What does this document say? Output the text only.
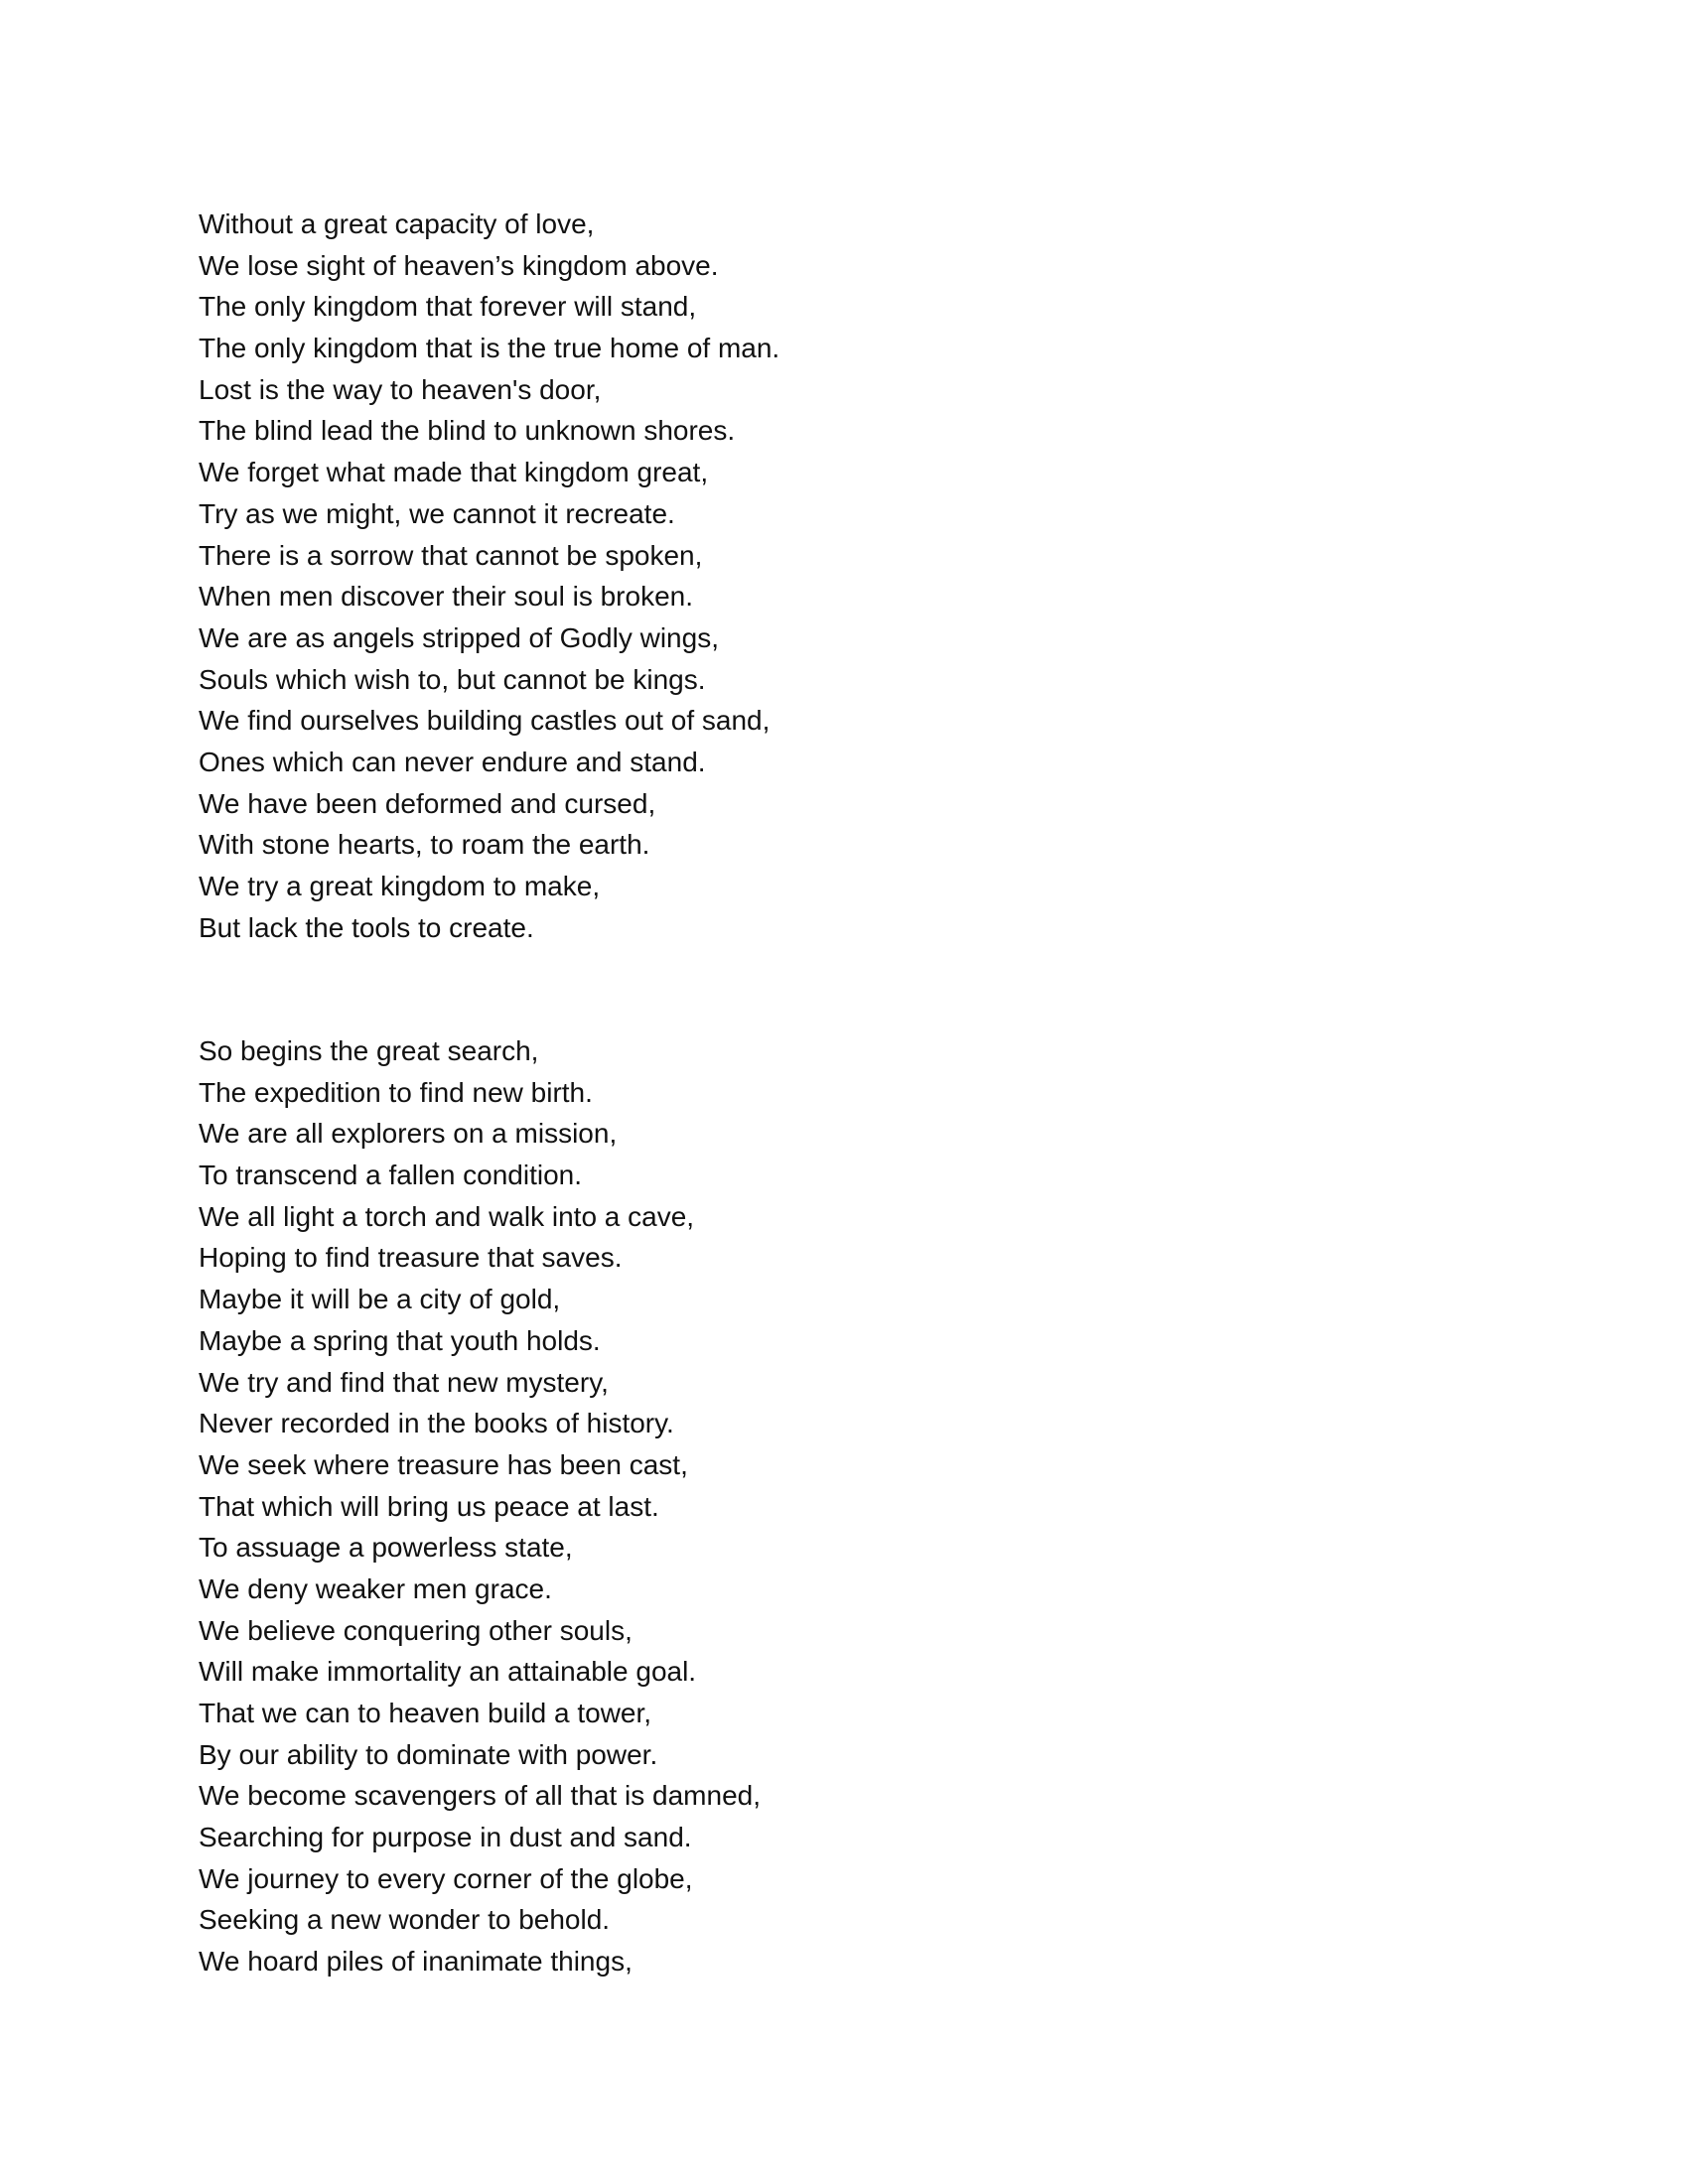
Without a great capacity of love,
We lose sight of heaven’s kingdom above.
The only kingdom that forever will stand,
The only kingdom that is the true home of man.
Lost is the way to heaven's door,
The blind lead the blind to unknown shores.
We forget what made that kingdom great,
Try as we might, we cannot it recreate.
There is a sorrow that cannot be spoken,
When men discover their soul is broken.
We are as angels stripped of Godly wings,
Souls which wish to, but cannot be kings.
We find ourselves building castles out of sand,
Ones which can never endure and stand.
We have been deformed and cursed,
With stone hearts, to roam the earth.
We try a great kingdom to make,
But lack the tools to create.
So begins the great search,
The expedition to find new birth.
We are all explorers on a mission,
To transcend a fallen condition.
We all light a torch and walk into a cave,
Hoping to find treasure that saves.
Maybe it will be a city of gold,
Maybe a spring that youth holds.
We try and find that new mystery,
Never recorded in the books of history.
We seek where treasure has been cast,
That which will bring us peace at last.
To assuage a powerless state,
We deny weaker men grace.
We believe conquering other souls,
Will make immortality an attainable goal.
That we can to heaven build a tower,
By our ability to dominate with power.
We become scavengers of all that is damned,
Searching for purpose in dust and sand.
We journey to every corner of the globe,
Seeking a new wonder to behold.
We hoard piles of inanimate things,
